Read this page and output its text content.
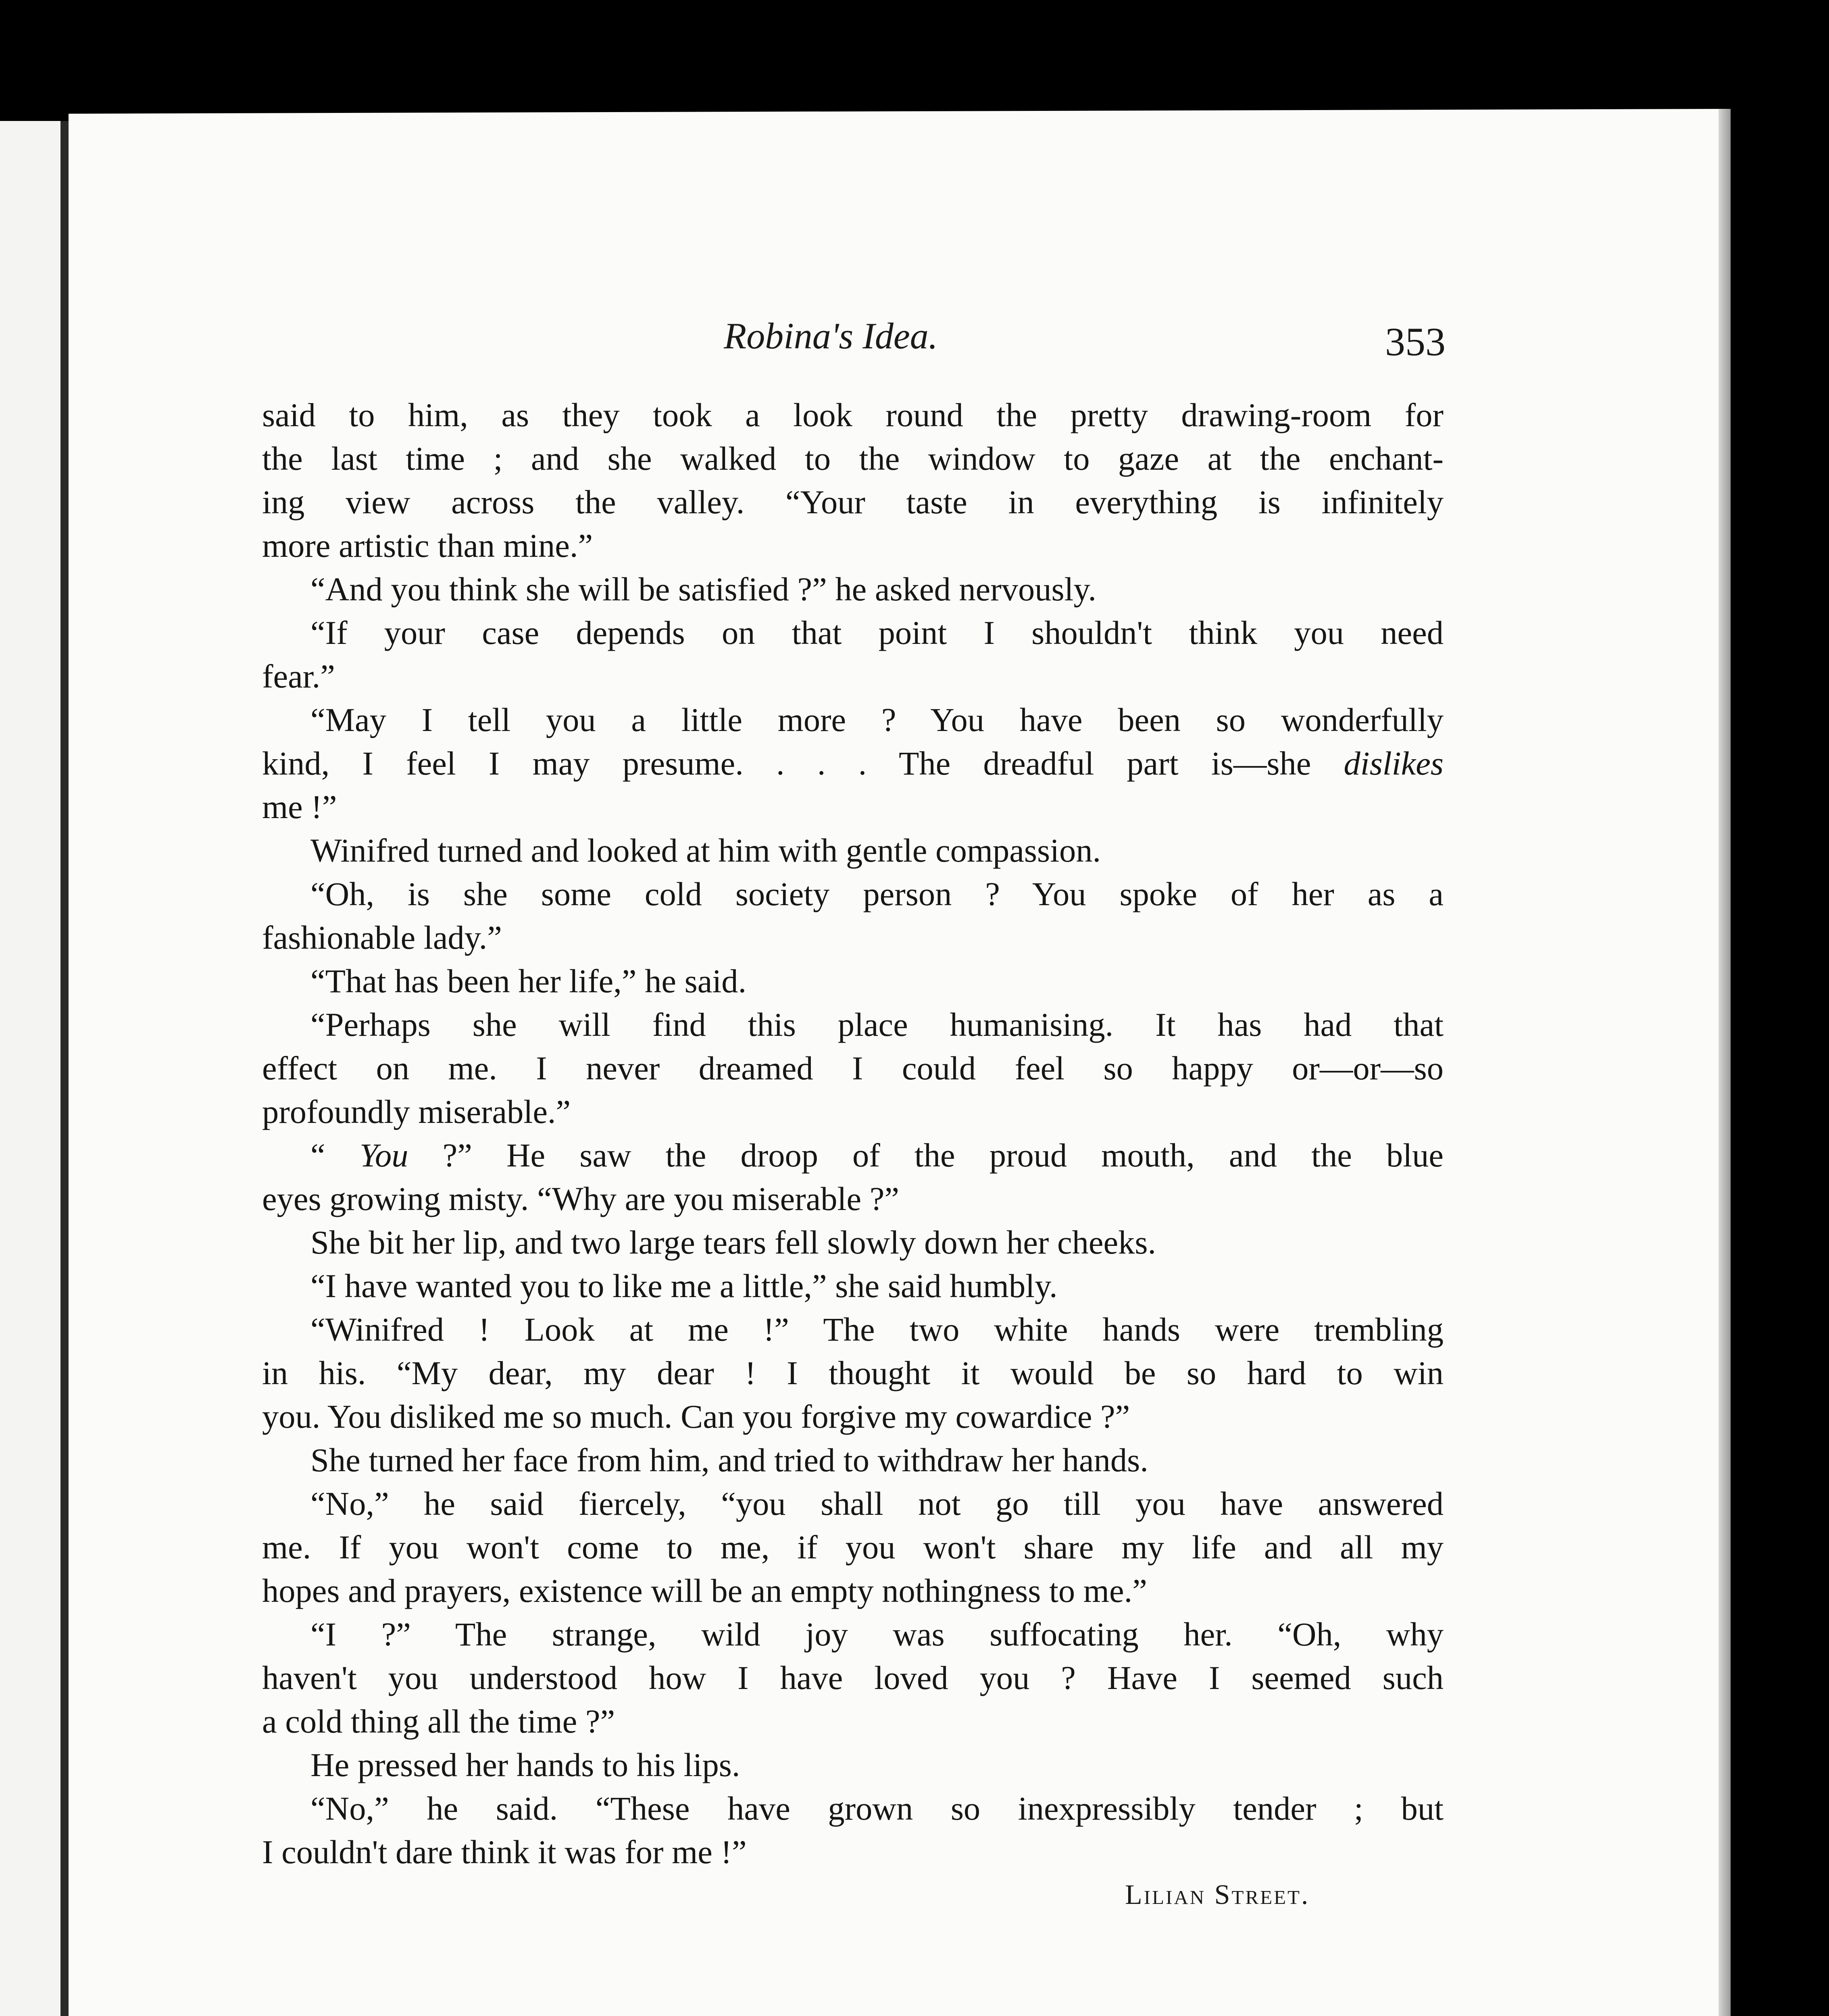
Robina's Idea.	353
said to him, as they took a look round the pretty drawing-room for
the last time ; and she walked to the window to gaze at the enchant-
ing view across the valley. “Your taste in everything is infinitely
more artistic than mine.”
“And you think she will be satisfied ?” he asked nervously.
“If your case depends on that point I shouldn't think you need
fear.”
“May I tell you a little more ? You have been so wonderfully
kind, I feel I may presume. . . . The dreadful part is—she dislikes
me !”
Winifred turned and looked at him with gentle compassion.
“Oh, is she some cold society person ? You spoke of her as a
fashionable lady.”
“That has been her life,” he said.
“Perhaps she will find this place humanising. It has had that
effect on me. I never dreamed I could feel so happy or—or—so
profoundly miserable.”
“ You ?” He saw the droop of the proud mouth, and the blue
eyes growing misty. “Why are you miserable ?”
She bit her lip, and two large tears fell slowly down her cheeks.
“I have wanted you to like me a little,” she said humbly.
“Winifred ! Look at me !” The two white hands were trembling
in his. “My dear, my dear ! I thought it would be so hard to win
you. You disliked me so much. Can you forgive my cowardice ?”
She turned her face from him, and tried to withdraw her hands.
“No,” he said fiercely, “you shall not go till you have answered
me. If you won't come to me, if you won't share my life and all my
hopes and prayers, existence will be an empty nothingness to me.”
“I ?” The strange, wild joy was suffocating her. “Oh, why
haven't you understood how I have loved you ? Have I seemed such
a cold thing all the time ?”
He pressed her hands to his lips.
“No,” he said. “These have grown so inexpressibly tender ; but
I couldn't dare think it was for me !”
Lilian Street.
